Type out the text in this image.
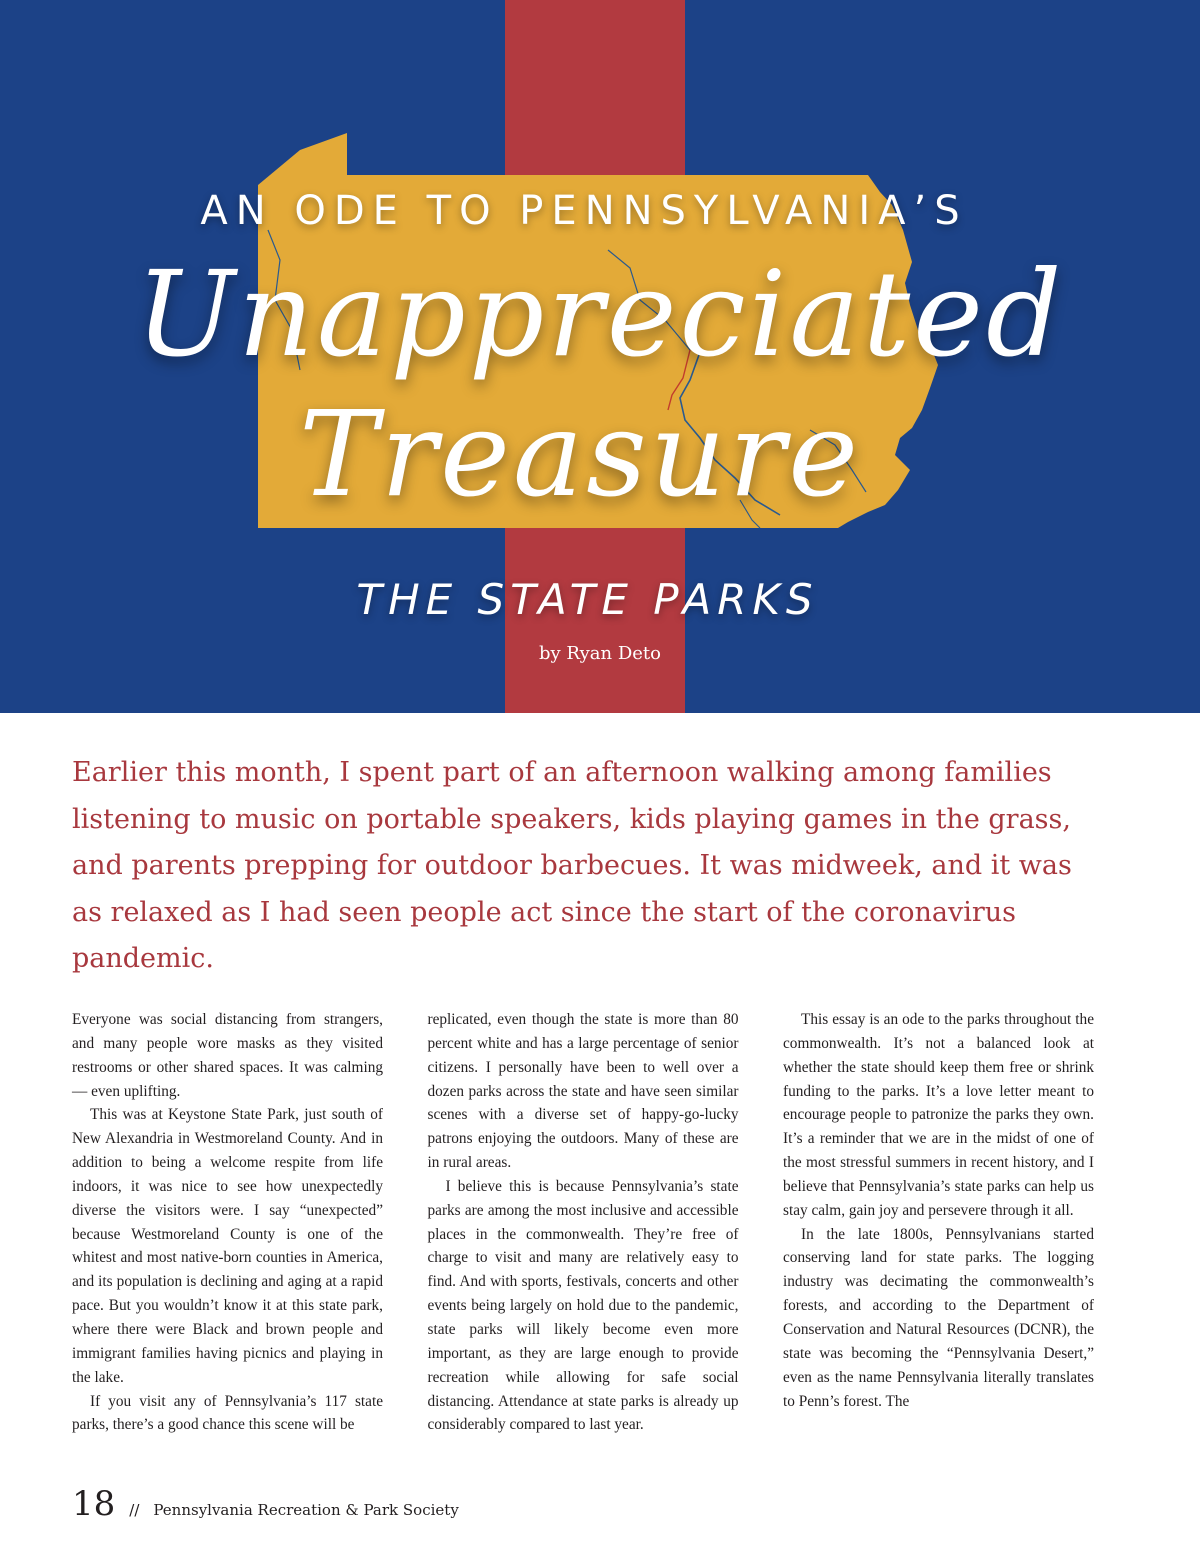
AN ODE TO PENNSYLVANIA’S
Unappreciated
Treasure
THE STATE PARKS
by Ryan Deto

Earlier this month, I spent part of an afternoon walking among families listening to music on portable speakers, kids playing games in the grass, and parents prepping for outdoor barbecues. It was midweek, and it was as relaxed as I had seen people act since the start of the coronavirus pandemic.

Everyone was social distancing from strangers, and many people wore masks as they visited restrooms or other shared spaces. It was calming — even uplifting.

This was at Keystone State Park, just south of New Alexandria in Westmoreland County. And in addition to being a welcome respite from life indoors, it was nice to see how unexpectedly diverse the visitors were. I say “unexpected” because Westmoreland County is one of the whitest and most native-born counties in America, and its population is declining and aging at a rapid pace. But you wouldn’t know it at this state park, where there were Black and brown people and immigrant families having picnics and playing in the lake.

If you visit any of Pennsylvania’s 117 state parks, there’s a good chance this scene will be

replicated, even though the state is more than 80 percent white and has a large percentage of senior citizens. I personally have been to well over a dozen parks across the state and have seen similar scenes with a diverse set of happy-go-lucky patrons enjoying the outdoors. Many of these are in rural areas.

I believe this is because Pennsylvania’s state parks are among the most inclusive and accessible places in the commonwealth. They’re free of charge to visit and many are relatively easy to find. And with sports, festivals, concerts and other events being largely on hold due to the pandemic, state parks will likely become even more important, as they are large enough to provide recreation while allowing for safe social distancing. Attendance at state parks is already up considerably compared to last year.

This essay is an ode to the parks throughout the commonwealth. It’s not a balanced look at whether the state should keep them free or shrink funding to the parks. It’s a love letter meant to encourage people to patronize the parks they own. It’s a reminder that we are in the midst of one of the most stressful summers in recent history, and I believe that Pennsylvania’s state parks can help us stay calm, gain joy and persevere through it all.

In the late 1800s, Pennsylvanians started conserving land for state parks. The logging industry was decimating the commonwealth’s forests, and according to the Department of Conservation and Natural Resources (DCNR), the state was becoming the “Pennsylvania Desert,” even as the name Pennsylvania literally translates to Penn’s forest. The

18 // Pennsylvania Recreation & Park Society
